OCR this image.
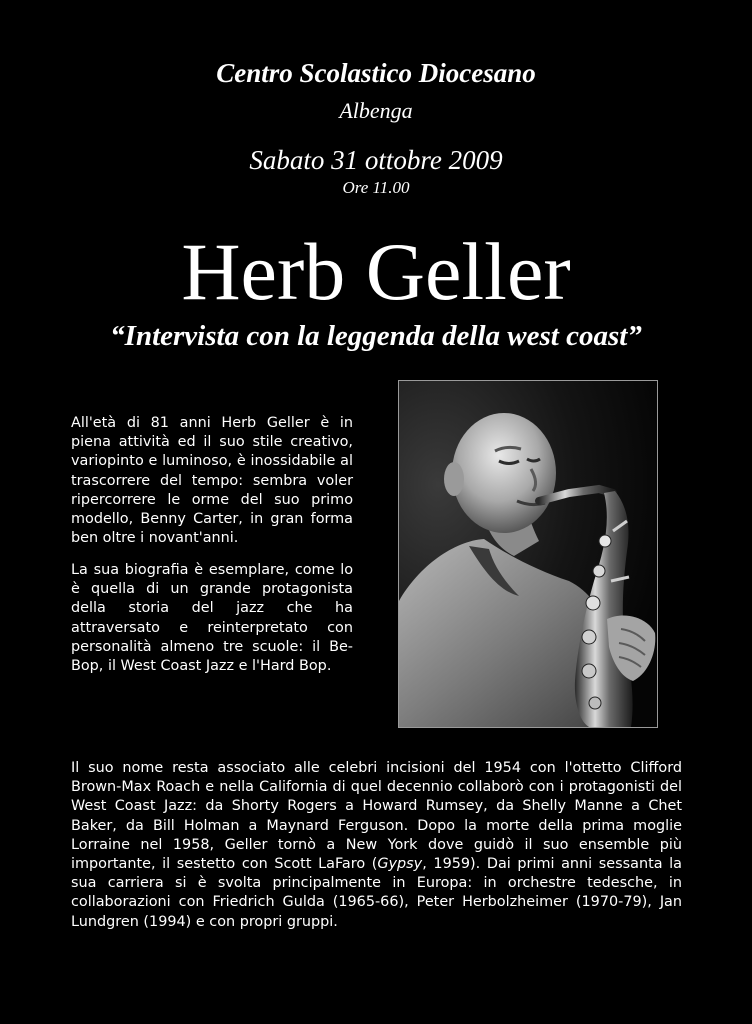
Centro Scolastico Diocesano
Albenga
Sabato 31 ottobre 2009
Ore 11.00
Herb Geller
“Intervista con la leggenda della west coast”

All'età di 81 anni Herb Geller è in piena attività ed il suo stile creativo, variopinto e luminoso, è inossidabile al trascorrere del tempo: sembra voler ripercorrere le orme del suo primo modello, Benny Carter, in gran forma ben oltre i novant'anni.

La sua biografia è esemplare, come lo è quella di un grande protagonista della storia del jazz che ha attraversato e reinterpretato con personalità almeno tre scuole: il Be-Bop, il West Coast Jazz e l'Hard Bop.

Il suo nome resta associato alle celebri incisioni del 1954 con l'ottetto Clifford Brown-Max Roach e nella California di quel decennio collaborò con i protagonisti del West Coast Jazz: da Shorty Rogers a Howard Rumsey, da Shelly Manne a Chet Baker, da Bill Holman a Maynard Ferguson. Dopo la morte della prima moglie Lorraine nel 1958, Geller tornò a New York dove guidò il suo ensemble più importante, il sestetto con Scott LaFaro (Gypsy, 1959). Dai primi anni sessanta la sua carriera si è svolta principalmente in Europa: in orchestre tedesche, in collaborazioni con Friedrich Gulda (1965-66), Peter Herbolzheimer (1970-79), Jan Lundgren (1994) e con propri gruppi.
